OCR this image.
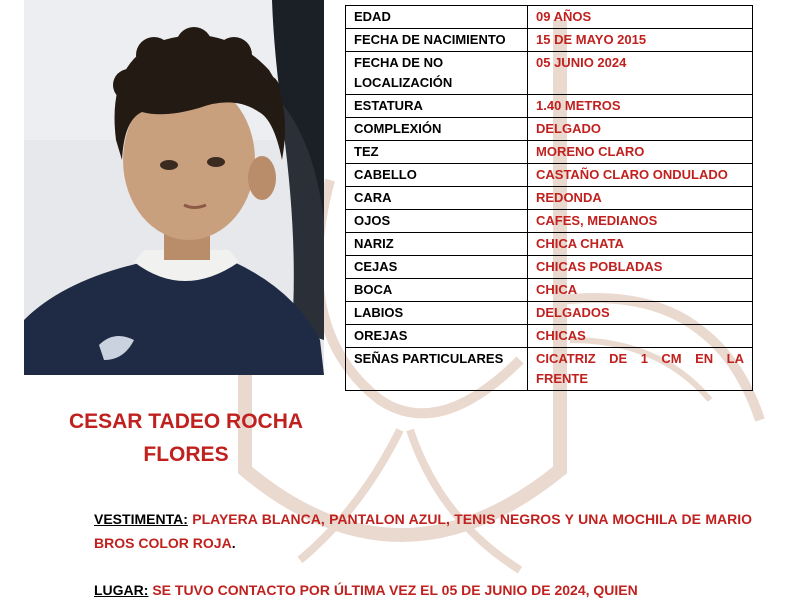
EDAD	09 AÑOS
FECHA DE NACIMIENTO	15 DE MAYO 2015
FECHA DE NO LOCALIZACIÓN	05 JUNIO 2024
ESTATURA	1.40 METROS
COMPLEXIÓN	DELGADO
TEZ	MORENO CLARO
CABELLO	CASTAÑO CLARO ONDULADO
CARA	REDONDA
OJOS	CAFES, MEDIANOS
NARIZ	CHICA CHATA
CEJAS	CHICAS POBLADAS
BOCA	CHICA
LABIOS	DELGADOS
OREJAS	CHICAS
SEÑAS PARTICULARES	CICATRIZ DE 1 CM EN LA FRENTE
CESAR TADEO ROCHA FLORES
VESTIMENTA: PLAYERA BLANCA, PANTALON AZUL, TENIS NEGROS Y UNA MOCHILA DE MARIO BROS COLOR ROJA.
LUGAR: SE TUVO CONTACTO POR ÚLTIMA VEZ EL 05 DE JUNIO DE 2024, QUIEN
